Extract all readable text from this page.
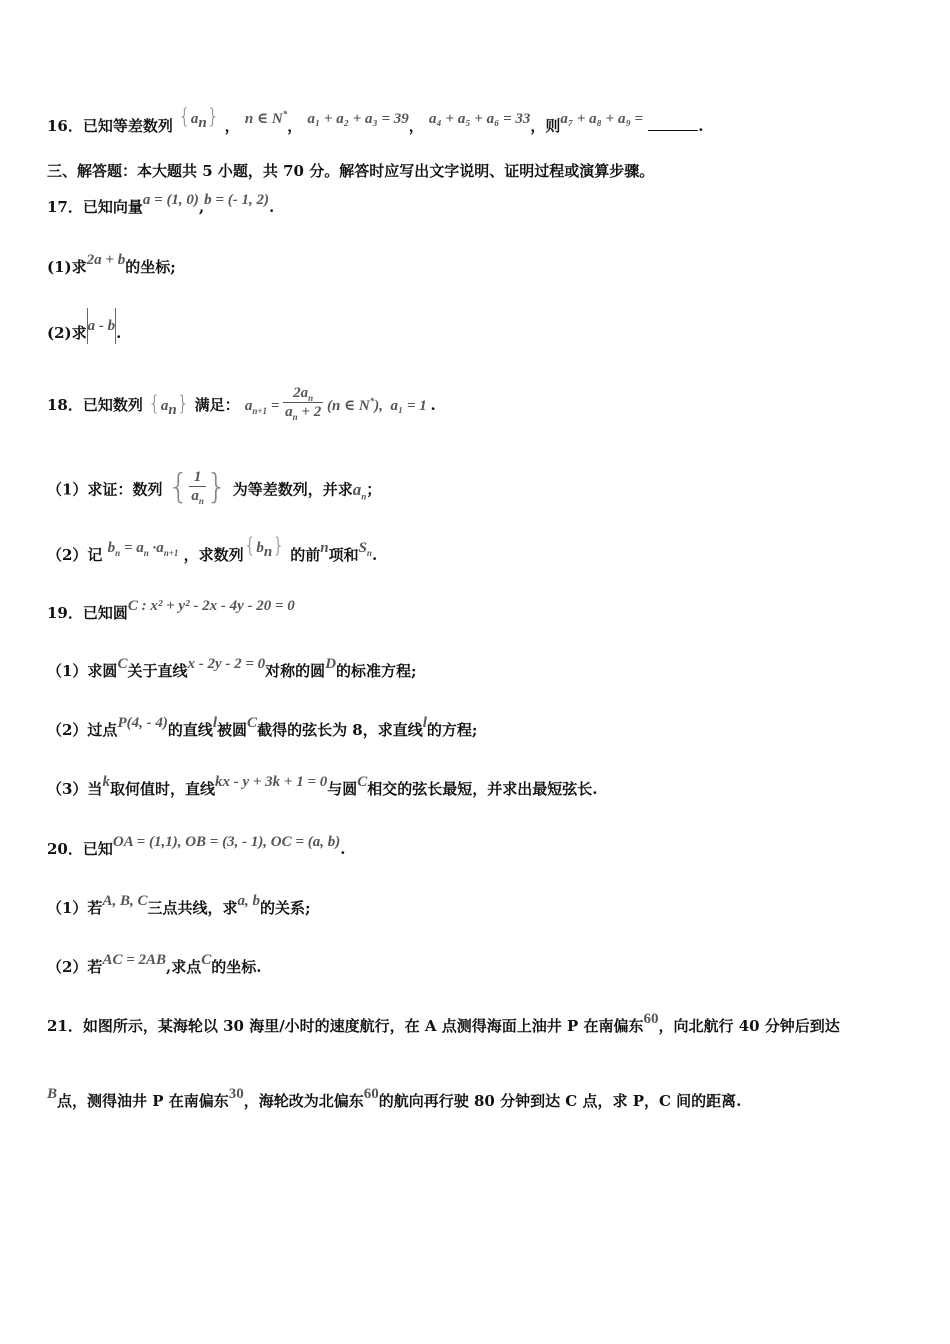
16．已知等差数列 $\{a_n\}$ ， n ∈ N*， a₁ + a₂ + a₃ = 39， a₄ + a₅ + a₆ = 33，则a₇ + a₈ + a₉ =	.
三、解答题：本大题共 5 小题，共 70 分。解答时应写出文字说明、证明过程或演算步骤。
17．已知向量a = (1, 0),b = (- 1, 2).
(1)求2a + b的坐标;
(2)求a - b.
18．已知数列 $\{a_n\}$ 满足： $a_{n+1} = \frac{2a_n}{a_n + 2} (n$ ∈ N*), a₁ = 1 .
（1）求证：数列 { $\frac{1}{a_n}$ } 为等差数列，并求$a_n$；
（2）记 $b_n = a_n \cdot a_{n+1}$ ，求数列$\{b_n\}$ 的前n项和$S_n$.
19．已知圆C : x² + y² - 2x - 4y - 20 = 0
（1）求圆C关于直线x - 2y - 2 = 0对称的圆D的标准方程;
（2）过点P(4, - 4)的直线l被圆C截得的弦长为 8，求直线l的方程;
（3）当k取何值时，直线kx - y + 3k + 1 = 0与圆C相交的弦长最短，并求出最短弦长.
20．已知OA = (1,1), OB = (3, - 1), OC = (a, b).
（1）若A, B, C三点共线，求a, b的关系;
（2）若AC = 2AB,求点C的坐标.
21．如图所示，某海轮以 30 海里/小时的速度航行，在 A 点测得海面上油井 P 在南偏东60，向北航行 40 分钟后到达
B点，测得油井 P 在南偏东30，海轮改为北偏东60的航向再行驶 80 分钟到达 C 点，求 P，C 间的距离.
